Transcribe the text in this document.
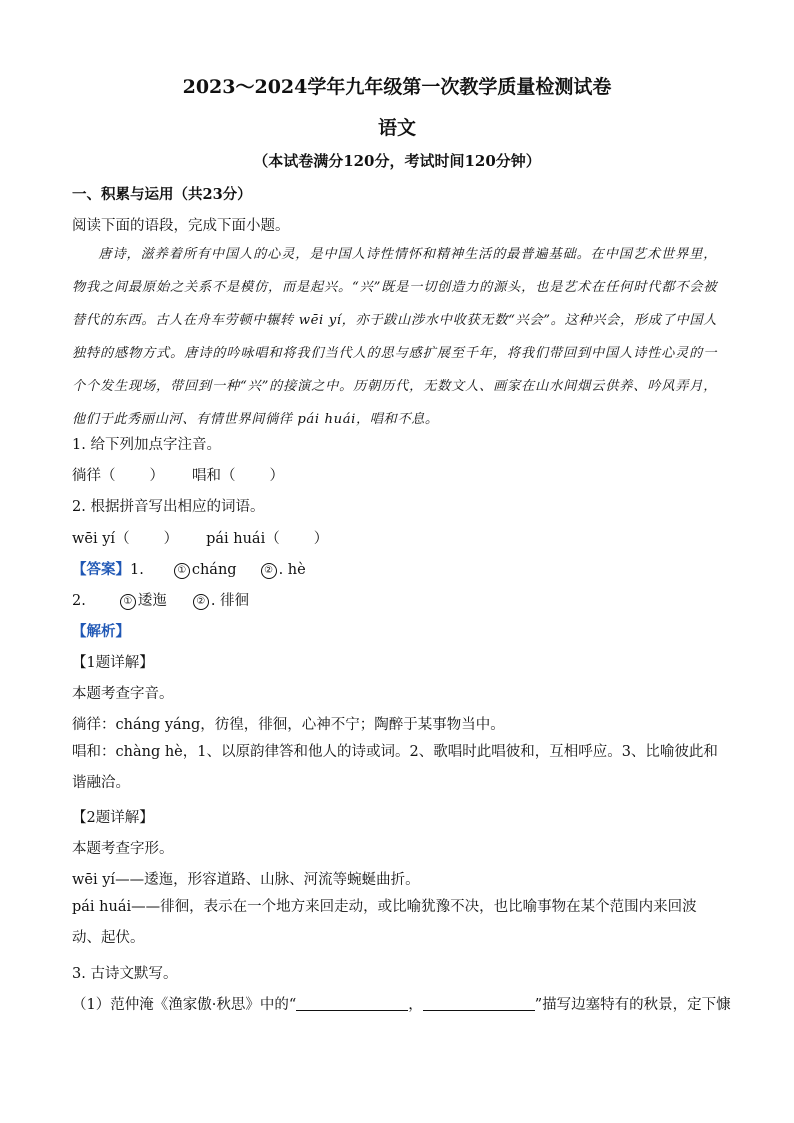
2023～2024学年九年级第一次教学质量检测试卷
语文
（本试卷满分120分，考试时间120分钟）
一、积累与运用（共23分）
阅读下面的语段，完成下面小题。

唐诗，滋养着所有中国人的心灵，是中国人诗性情怀和精神生活的最普遍基础。在中国艺术世界里，物我之间最原始之关系不是模仿，而是起兴。“兴”既是一切创造力的源头，也是艺术在任何时代都不会被替代的东西。古人在舟车劳顿中辗转 wēi yí，亦于跋山涉水中收获无数“兴会”。这种兴会，形成了中国人独特的感物方式。唐诗的吟咏唱和将我们当代人的思与感扩展至千年，将我们带回到中国人诗性心灵的一个个发生现场，带回到一种“兴”的接演之中。历朝历代，无数文人、画家在山水间烟云供养、吟风弄月，他们于此秀丽山河、有情世界间徜徉 pái huái，唱和不息。

1. 给下列加点字注音。
徜徉（ ） 唱和（ ）
2. 根据拼音写出相应的词语。
wēi yí（ ） pái huái（ ）
【答案】1.	① cháng	② . hè
2.	① 逶迤	② . 徘徊
【解析】
【1题详解】
本题考查字音。
徜徉：cháng yáng，彷徨，徘徊，心神不宁；陶醉于某事物当中。

唱和：chàng hè，1、以原韵律答和他人的诗或词。2、歌唱时此唱彼和，互相呼应。3、比喻彼此和谐融洽。

【2题详解】
本题考查字形。
wēi yí——逶迤，形容道路、山脉、河流等蜿蜒曲折。

pái huái——徘徊，表示在一个地方来回走动，或比喻犹豫不决，也比喻事物在某个范围内来回波动、起伏。

3. 古诗文默写。
（1）范仲淹《渔家傲·秋思》中的“	，	”描写边塞特有的秋景，定下慷
